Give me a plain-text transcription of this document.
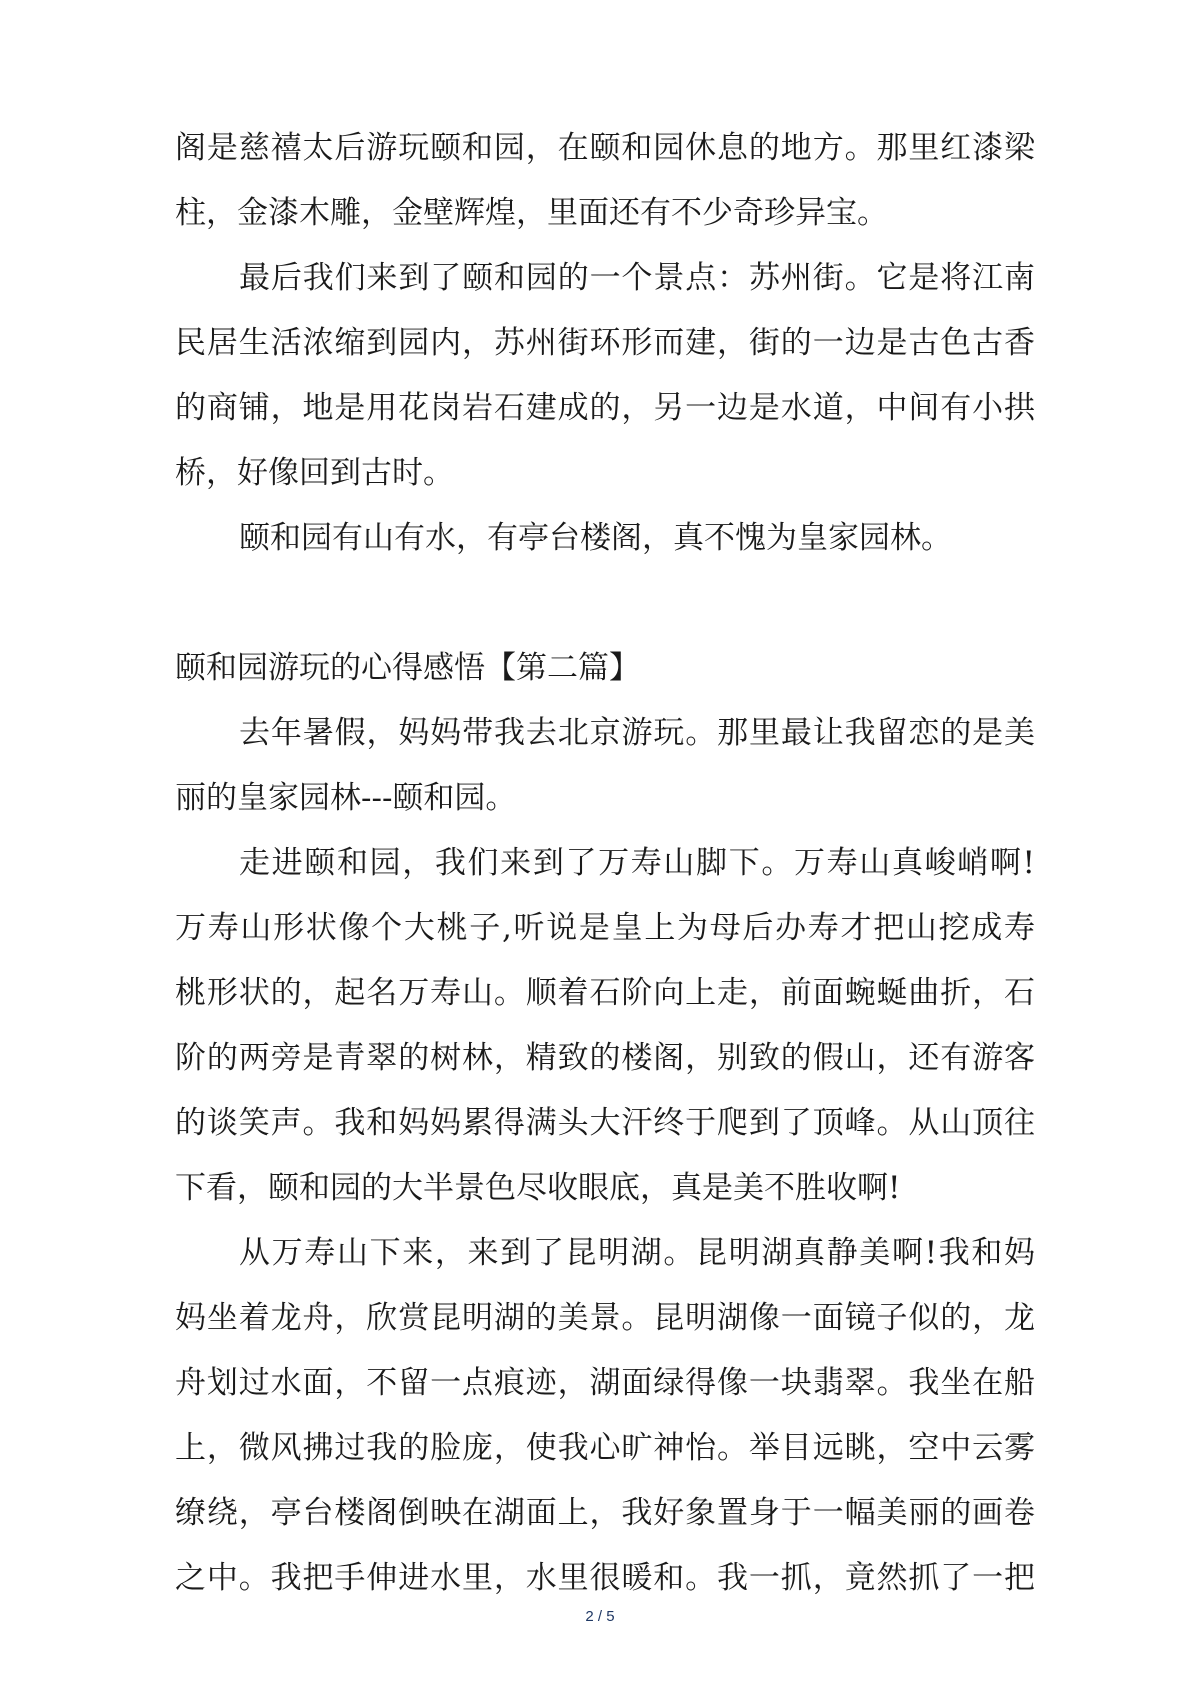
阁是慈禧太后游玩颐和园，在颐和园休息的地方。那里红漆梁
柱，金漆木雕，金壁辉煌，里面还有不少奇珍异宝。
最后我们来到了颐和园的一个景点：苏州街。它是将江南
民居生活浓缩到园内，苏州街环形而建，街的一边是古色古香
的商铺，地是用花岗岩石建成的，另一边是水道，中间有小拱
桥，好像回到古时。
颐和园有山有水，有亭台楼阁，真不愧为皇家园林。
颐和园游玩的心得感悟【第二篇】
去年暑假，妈妈带我去北京游玩。那里最让我留恋的是美
丽的皇家园林---颐和园。
走进颐和园，我们来到了万寿山脚下。万寿山真峻峭啊!
万寿山形状像个大桃子,听说是皇上为母后办寿才把山挖成寿
桃形状的，起名万寿山。顺着石阶向上走，前面蜿蜒曲折，石
阶的两旁是青翠的树林，精致的楼阁，别致的假山，还有游客
的谈笑声。我和妈妈累得满头大汗终于爬到了顶峰。从山顶往
下看，颐和园的大半景色尽收眼底，真是美不胜收啊!
从万寿山下来，来到了昆明湖。昆明湖真静美啊!我和妈
妈坐着龙舟，欣赏昆明湖的美景。昆明湖像一面镜子似的，龙
舟划过水面，不留一点痕迹，湖面绿得像一块翡翠。我坐在船
上，微风拂过我的脸庞，使我心旷神怡。举目远眺，空中云雾
缭绕，亭台楼阁倒映在湖面上，我好象置身于一幅美丽的画卷
之中。我把手伸进水里，水里很暖和。我一抓，竟然抓了一把
2 / 5
